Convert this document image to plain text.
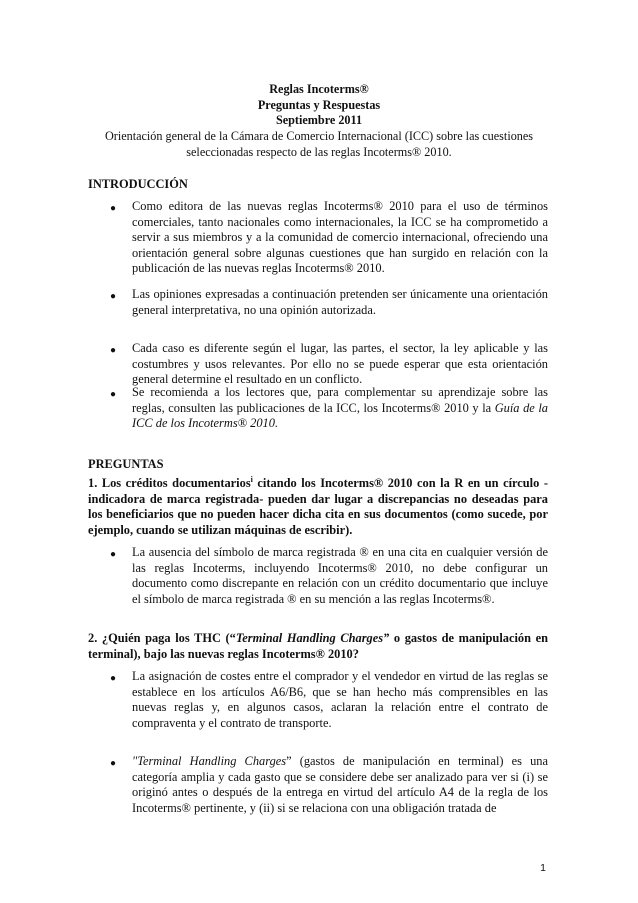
Reglas Incoterms®
Preguntas y Respuestas
Septiembre 2011
Orientación general de la Cámara de Comercio Internacional (ICC) sobre las cuestiones seleccionadas respecto de las reglas Incoterms® 2010.
INTRODUCCIÓN
● Como editora de las nuevas reglas Incoterms® 2010 para el uso de términos comerciales, tanto nacionales como internacionales, la ICC se ha comprometido a servir a sus miembros y a la comunidad de comercio internacional, ofreciendo una orientación general sobre algunas cuestiones que han surgido en relación con la publicación de las nuevas reglas Incoterms® 2010.
● Las opiniones expresadas a continuación pretenden ser únicamente una orientación general interpretativa, no una opinión autorizada.
● Cada caso es diferente según el lugar, las partes, el sector, la ley aplicable y las costumbres y usos relevantes. Por ello no se puede esperar que esta orientación general determine el resultado en un conflicto.
● Se recomienda a los lectores que, para complementar su aprendizaje sobre las reglas, consulten las publicaciones de la ICC, los Incoterms® 2010 y la Guía de la ICC de los Incoterms® 2010.
PREGUNTAS
1. Los créditos documentarios$^i$ citando los Incoterms® 2010 con la R en un círculo -indicadora de marca registrada- pueden dar lugar a discrepancias no deseadas para los beneficiarios que no pueden hacer dicha cita en sus documentos (como sucede, por ejemplo, cuando se utilizan máquinas de escribir).
● La ausencia del símbolo de marca registrada ® en una cita en cualquier versión de las reglas Incoterms, incluyendo Incoterms® 2010, no debe configurar un documento como discrepante en relación con un crédito documentario que incluye el símbolo de marca registrada ® en su mención a las reglas Incoterms®.
2. ¿Quién paga los THC (“Terminal Handling Charges” o gastos de manipulación en terminal), bajo las nuevas reglas Incoterms® 2010?
● La asignación de costes entre el comprador y el vendedor en virtud de las reglas se establece en los artículos A6/B6, que se han hecho más comprensibles en las nuevas reglas y, en algunos casos, aclaran la relación entre el contrato de compraventa y el contrato de transporte.
● "Terminal Handling Charges” (gastos de manipulación en terminal) es una categoría amplia y cada gasto que se considere debe ser analizado para ver si (i) se originó antes o después de la entrega en virtud del artículo A4 de la regla de los Incoterms® pertinente, y (ii) si se relaciona con una obligación tratada de
1
